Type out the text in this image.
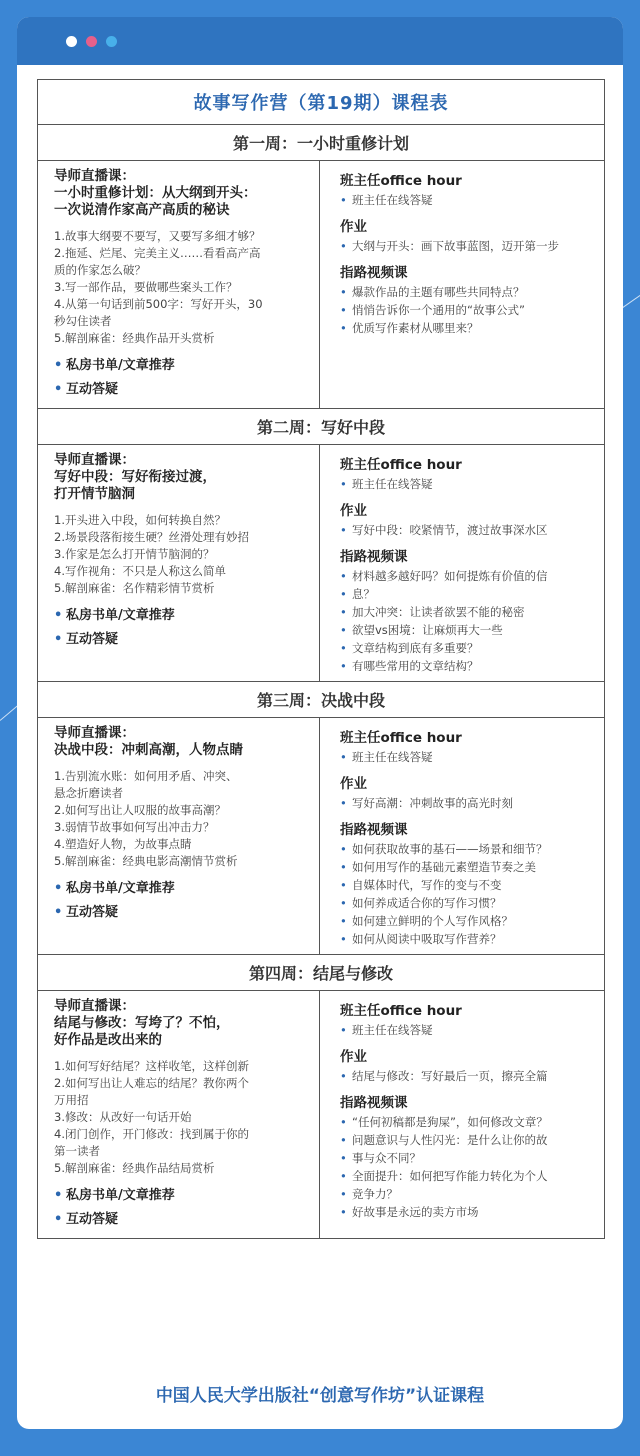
故事写作营（第19期）课程表
第一周：一小时重修计划
导师直播课：
一小时重修计划：从大纲到开头：
一次说清作家高产高质的秘诀
1.故事大纲要不要写，又要写多细才够？
2.拖延、烂尾、完美主义……看看高产高
质的作家怎么破？
3.写一部作品，要做哪些案头工作？
4.从第一句话到前500字：写好开头，30
秒勾住读者
5.解剖麻雀：经典作品开头赏析
• 私房书单/文章推荐
• 互动答疑
班主任office hour
• 班主任在线答疑
作业
• 大纲与开头：画下故事蓝图，迈开第一步
指路视频课
• 爆款作品的主题有哪些共同特点？
• 悄悄告诉你一个通用的“故事公式”
• 优质写作素材从哪里来？
第二周：写好中段
导师直播课：
写好中段：写好衔接过渡，
打开情节脑洞
1.开头进入中段，如何转换自然？
2.场景段落衔接生硬？丝滑处理有妙招
3.作家是怎么打开情节脑洞的？
4.写作视角：不只是人称这么简单
5.解剖麻雀：名作精彩情节赏析
• 私房书单/文章推荐
• 互动答疑
班主任office hour
• 班主任在线答疑
作业
• 写好中段：咬紧情节，渡过故事深水区
指路视频课
• 材料越多越好吗？如何提炼有价值的信
• 息？
• 加大冲突：让读者欲罢不能的秘密
• 欲望vs困境：让麻烦再大一些
• 文章结构到底有多重要？
• 有哪些常用的文章结构？
第三周：决战中段
导师直播课：
决战中段：冲刺高潮，人物点睛
1.告别流水账：如何用矛盾、冲突、
悬念折磨读者
2.如何写出让人叹服的故事高潮？
3.弱情节故事如何写出冲击力？
4.塑造好人物，为故事点睛
5.解剖麻雀：经典电影高潮情节赏析
• 私房书单/文章推荐
• 互动答疑
班主任office hour
• 班主任在线答疑
作业
• 写好高潮：冲刺故事的高光时刻
指路视频课
• 如何获取故事的基石——场景和细节？
• 如何用写作的基础元素塑造节奏之美
• 自媒体时代，写作的变与不变
• 如何养成适合你的写作习惯？
• 如何建立鲜明的个人写作风格？
• 如何从阅读中吸取写作营养？
第四周：结尾与修改
导师直播课：
结尾与修改：写垮了？不怕，
好作品是改出来的
1.如何写好结尾？这样收笔，这样创新
2.如何写出让人难忘的结尾？教你两个
万用招
3.修改：从改好一句话开始
4.闭门创作，开门修改：找到属于你的
第一读者
5.解剖麻雀：经典作品结局赏析
• 私房书单/文章推荐
• 互动答疑
班主任office hour
• 班主任在线答疑
作业
• 结尾与修改：写好最后一页，擦亮全篇
指路视频课
• “任何初稿都是狗屎”，如何修改文章？
• 问题意识与人性闪光：是什么让你的故
• 事与众不同？
• 全面提升：如何把写作能力转化为个人
• 竞争力？
• 好故事是永远的卖方市场
中国人民大学出版社“创意写作坊”认证课程
